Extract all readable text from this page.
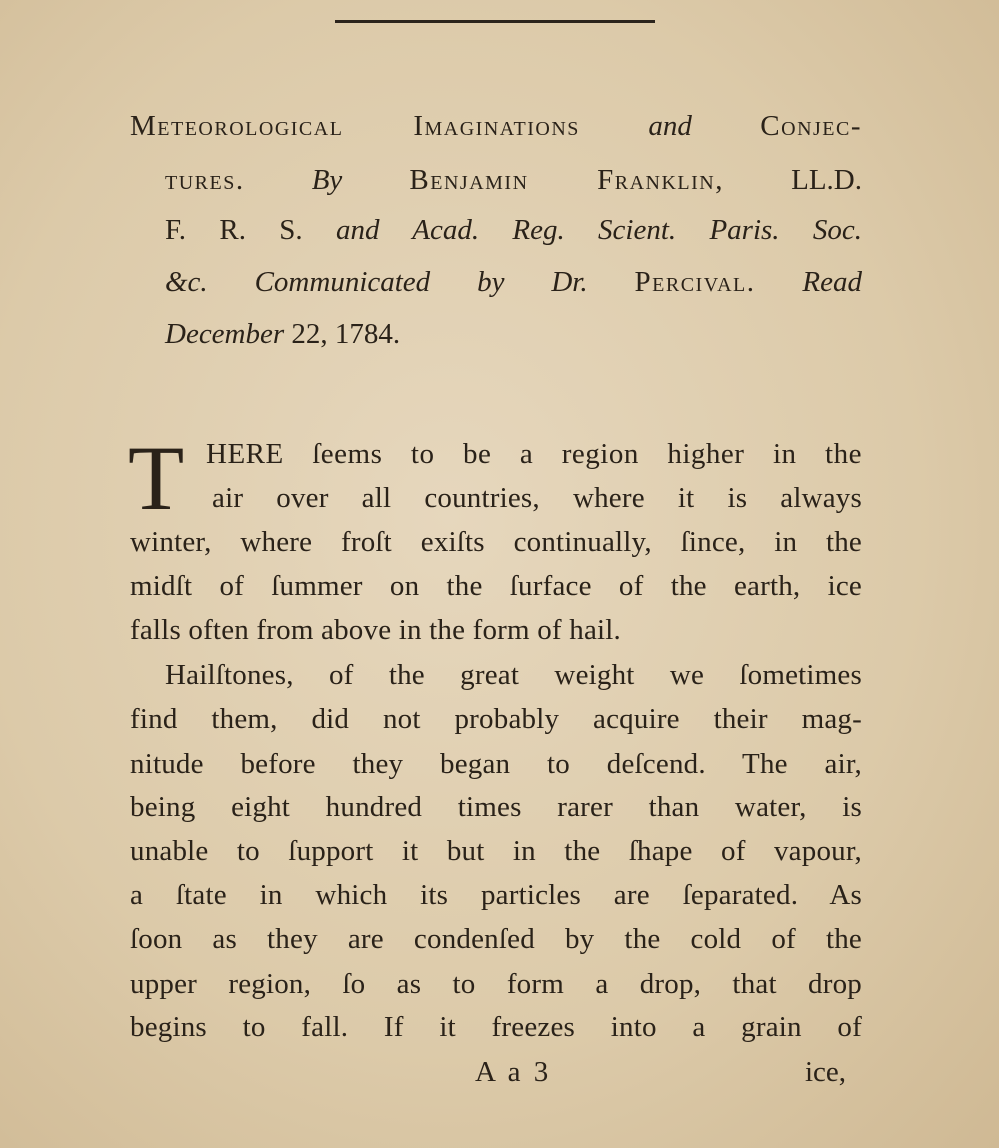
Meteorological Imaginations and Conjec-
tures. By Benjamin Franklin, LL.D.
F. R. S. and Acad. Reg. Scient. Paris. Soc.
&c. Communicated by Dr. Percival. Read
December 22, 1784.
T HERE ſeems to be a region higher in the
air over all countries, where it is always
winter, where froſt exiſts continually, ſince, in the
midſt of ſummer on the ſurface of the earth, ice
falls often from above in the form of hail.
Hailſtones, of the great weight we ſometimes
find them, did not probably acquire their mag-
nitude before they began to deſcend. The air,
being eight hundred times rarer than water, is
unable to ſupport it but in the ſhape of vapour,
a ſtate in which its particles are ſeparated. As
ſoon as they are condenſed by the cold of the
upper region, ſo as to form a drop, that drop
begins to fall. If it freezes into a grain of
A a 3	ice,
